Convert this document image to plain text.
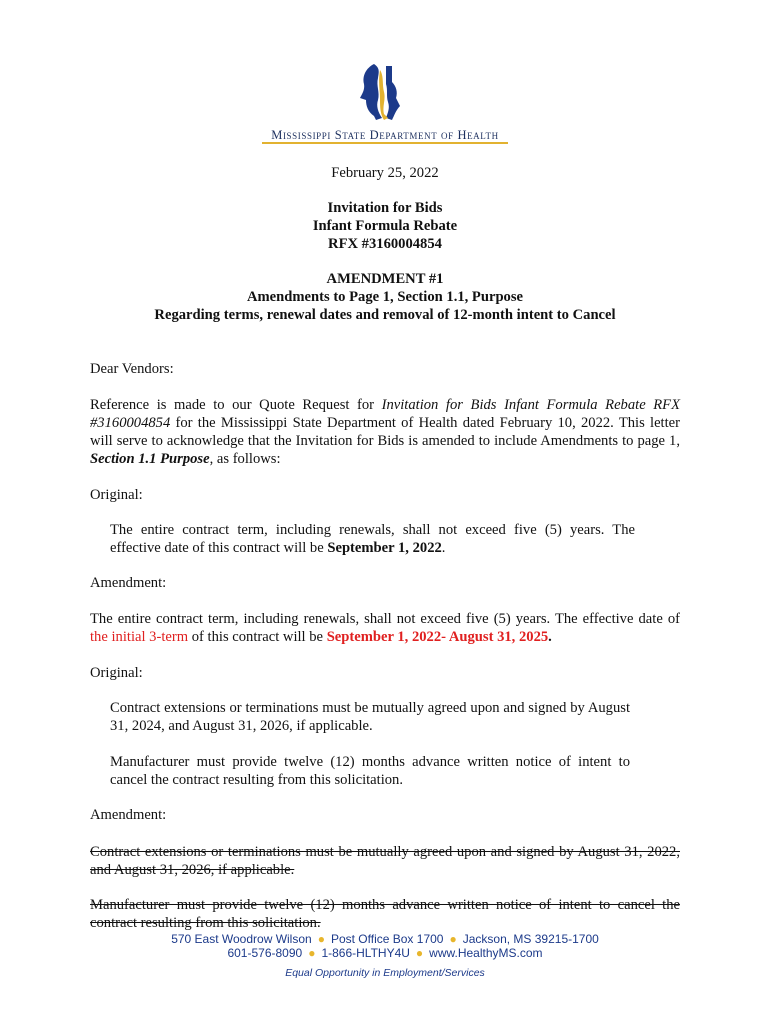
Mississippi State Department of Health
February 25, 2022
Invitation for Bids
Infant Formula Rebate
RFX #3160004854
AMENDMENT #1
Amendments to Page 1, Section 1.1, Purpose
Regarding terms, renewal dates and removal of 12-month intent to Cancel
Dear Vendors:
Reference is made to our Quote Request for Invitation for Bids Infant Formula Rebate RFX #3160004854 for the Mississippi State Department of Health dated February 10, 2022. This letter will serve to acknowledge that the Invitation for Bids is amended to include Amendments to page 1, Section 1.1 Purpose, as follows:
Original:
The entire contract term, including renewals, shall not exceed five (5) years. The effective date of this contract will be September 1, 2022.
Amendment:
The entire contract term, including renewals, shall not exceed five (5) years. The effective date of the initial 3-term of this contract will be September 1, 2022- August 31, 2025.
Original:
Contract extensions or terminations must be mutually agreed upon and signed by August 31, 2024, and August 31, 2026, if applicable.
Manufacturer must provide twelve (12) months advance written notice of intent to cancel the contract resulting from this solicitation.
Amendment:
Contract extensions or terminations must be mutually agreed upon and signed by August 31, 2022, and August 31, 2026, if applicable.
Manufacturer must provide twelve (12) months advance written notice of intent to cancel the contract resulting from this solicitation.
570 East Woodrow Wilson ● Post Office Box 1700 ● Jackson, MS 39215-1700
601-576-8090 ● 1-866-HLTHY4U ● www.HealthyMS.com
Equal Opportunity in Employment/Services
